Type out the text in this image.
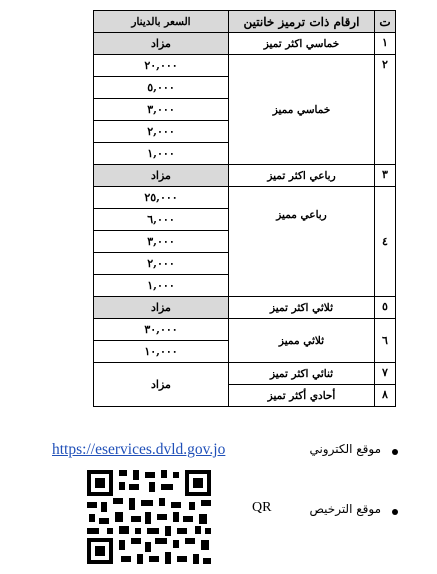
ت	ارقام ذات ترميز خانتين	السعر بالدينار
١	خماسي اكثر تميز	مزاد
٢	خماسي مميز	٢٠,٠٠٠
		٥,٠٠٠
		٣,٠٠٠
		٢,٠٠٠
		١,٠٠٠
٣	رباعي اكثر تميز	مزاد
٤	رباعي مميز	٢٥,٠٠٠
		٦,٠٠٠
		٣,٠٠٠
		٢,٠٠٠
		١,٠٠٠
٥	ثلاثي اكثر تميز	مزاد
٦	ثلاثي مميز	٣٠,٠٠٠
		١٠,٠٠٠
٧	ثنائي اكثر تميز	مزاد
٨	أحادي أكثر تميز	
موقع الكتروني
موقع الترخيص
QR
https://eservices.dvld.gov.jo
